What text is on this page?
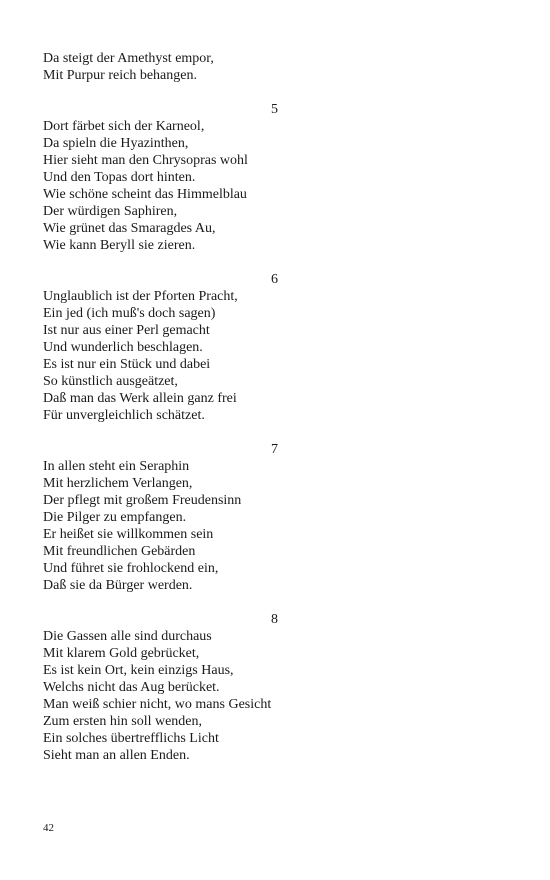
Da steigt der Amethyst empor,
Mit Purpur reich behangen.
5
Dort färbet sich der Karneol,
Da spieln die Hyazinthen,
Hier sieht man den Chrysopras wohl
Und den Topas dort hinten.
Wie schöne scheint das Himmelblau
Der würdigen Saphiren,
Wie grünet das Smaragdes Au,
Wie kann Beryll sie zieren.
6
Unglaublich ist der Pforten Pracht,
Ein jed (ich muß's doch sagen)
Ist nur aus einer Perl gemacht
Und wunderlich beschlagen.
Es ist nur ein Stück und dabei
So künstlich ausgeätzet,
Daß man das Werk allein ganz frei
Für unvergleichlich schätzet.
7
In allen steht ein Seraphin
Mit herzlichem Verlangen,
Der pflegt mit großem Freudensinn
Die Pilger zu empfangen.
Er heißet sie willkommen sein
Mit freundlichen Gebärden
Und führet sie frohlockend ein,
Daß sie da Bürger werden.
8
Die Gassen alle sind durchaus
Mit klarem Gold gebrücket,
Es ist kein Ort, kein einzigs Haus,
Welchs nicht das Aug berücket.
Man weiß schier nicht, wo mans Gesicht
Zum ersten hin soll wenden,
Ein solches übertrefflichs Licht
Sieht man an allen Enden.
42
